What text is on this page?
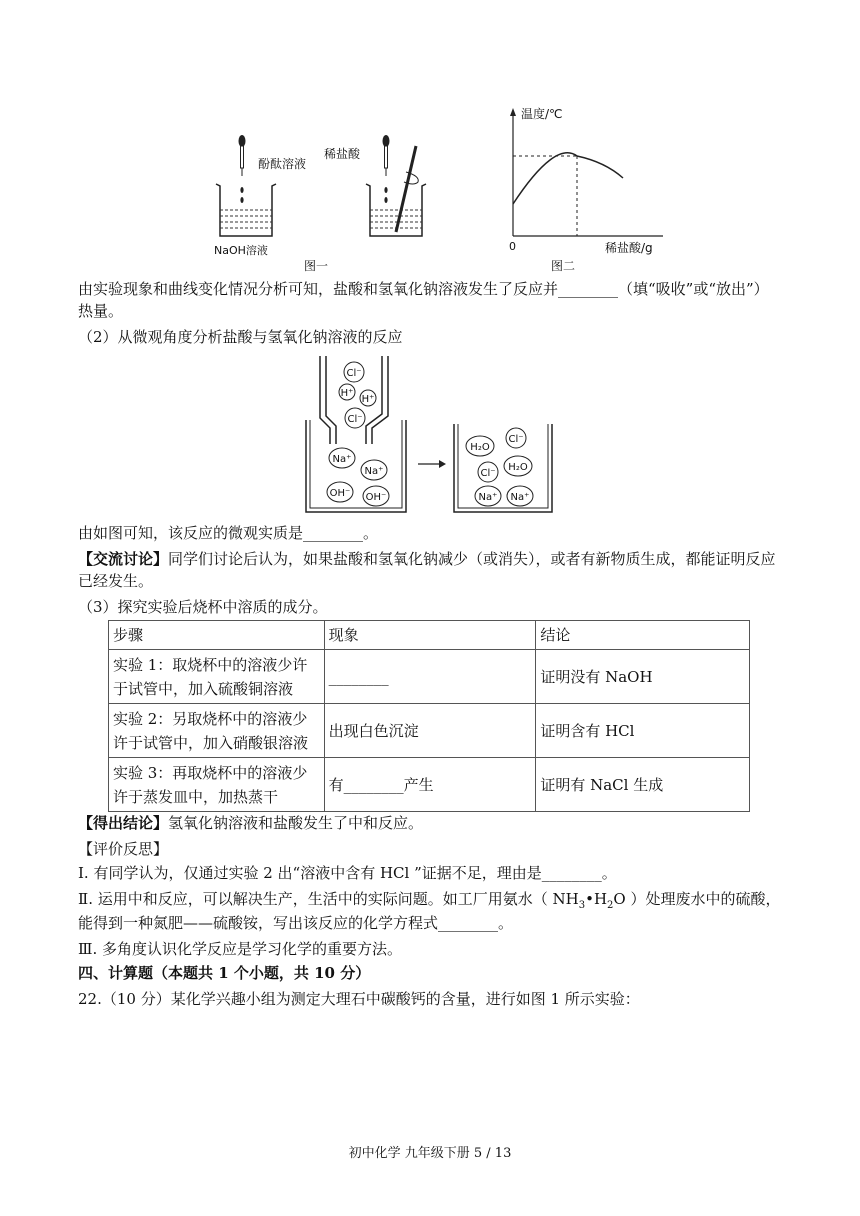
酚酞溶液
NaOH溶液
稀盐酸
图一
温度/℃
0	稀盐酸/g
图二
由实验现象和曲线变化情况分析可知，盐酸和氢氧化钠溶液发生了反应并________（填“吸收”或“放出”）
热量。
（2）从微观角度分析盐酸与氢氧化钠溶液的反应
Cl⁻
H⁺
H⁺
Cl⁻
Na⁺
Na⁺
OH⁻ OH⁻
H₂O
Cl⁻
Cl⁻
H₂O
Na⁺ Na⁺
由如图可知，该反应的微观实质是________。
【交流讨论】同学们讨论后认为，如果盐酸和氢氧化钠减少（或消失），或者有新物质生成，都能证明反应
已经发生。
（3）探究实验后烧杯中溶质的成分。
步骤	现象	结论
实验 1：取烧杯中的溶液少许于试管中，加入硫酸铜溶液	________	证明没有 NaOH
实验 2：另取烧杯中的溶液少许于试管中，加入硝酸银溶液	出现白色沉淀	证明含有 HCl
实验 3：再取烧杯中的溶液少许于蒸发皿中，加热蒸干	有________产生	证明有 NaCl 生成
【得出结论】氢氧化钠溶液和盐酸发生了中和反应。
【评价反思】
Ⅰ. 有同学认为，仅通过实验 2 出“溶液中含有 HCl ”证据不足，理由是________。
Ⅱ. 运用中和反应，可以解决生产，生活中的实际问题。如工厂用氨水（ $NH_3•H_2O$ ）处理废水中的硫酸，
能得到一种氮肥——硫酸铵，写出该反应的化学方程式________。
Ⅲ. 多角度认识化学反应是学习化学的重要方法。
四、计算题（本题共 1 个小题，共 10 分）
22.（10 分）某化学兴趣小组为测定大理石中碳酸钙的含量，进行如图 1 所示实验：
初中化学 九年级下册 5 / 13
